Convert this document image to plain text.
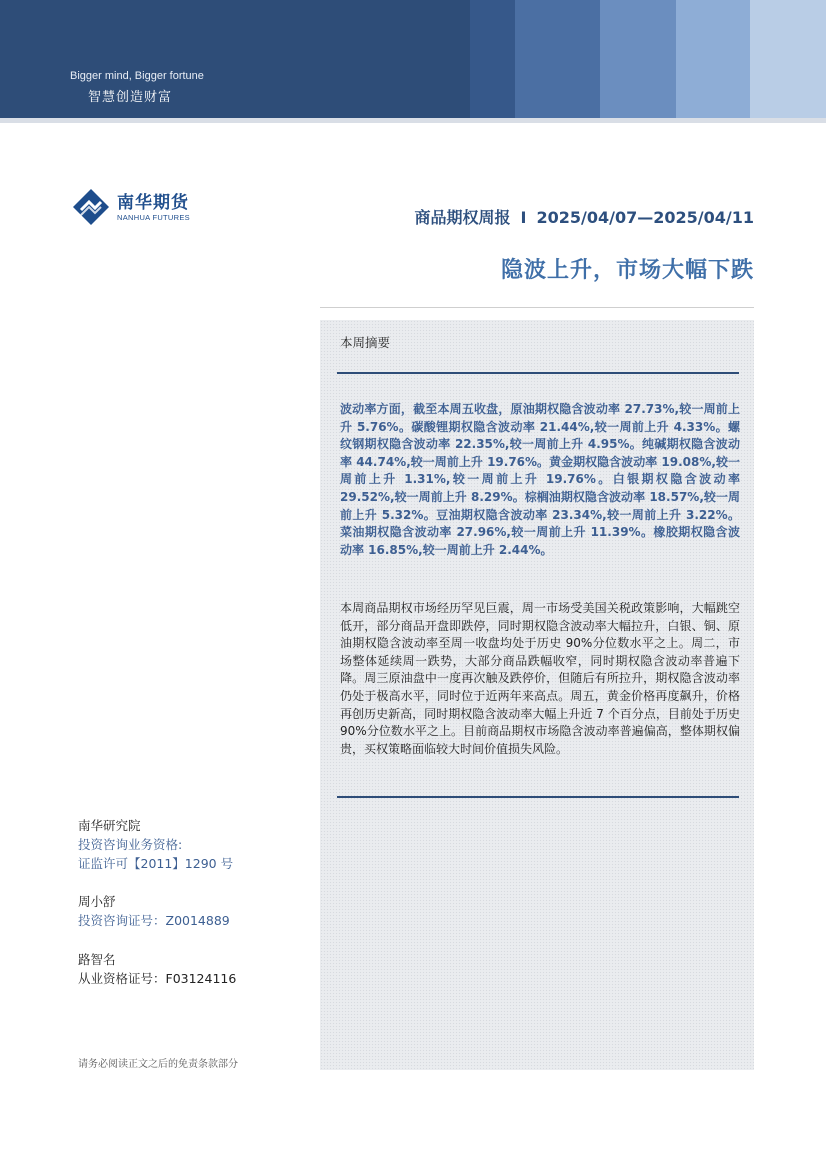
Bigger mind, Bigger fortune
智慧创造财富
南华期货
NANHUA FUTURES	商品期权周报 I 2025/04/07—2025/04/11
隐波上升，市场大幅下跌
本周摘要
波动率方面，截至本周五收盘，原油期权隐含波动率 27.73%,较一周前上升 5.76%。碳酸锂期权隐含波动率 21.44%,较一周前上升 4.33%。螺纹钢期权隐含波动率 22.35%,较一周前上升 4.95%。纯碱期权隐含波动率 44.74%,较一周前上升 19.76%。黄金期权隐含波动率 19.08%,较一周前上升 1.31%,较一周前上升 19.76%。白银期权隐含波动率 29.52%,较一周前上升 8.29%。棕榈油期权隐含波动率 18.57%,较一周前上升 5.32%。豆油期权隐含波动率 23.34%,较一周前上升 3.22%。菜油期权隐含波动率 27.96%,较一周前上升 11.39%。橡胶期权隐含波动率 16.85%,较一周前上升 2.44%。
本周商品期权市场经历罕见巨震，周一市场受美国关税政策影响，大幅跳空低开，部分商品开盘即跌停，同时期权隐含波动率大幅拉升，白银、铜、原油期权隐含波动率至周一收盘均处于历史 90%分位数水平之上。周二，市场整体延续周一跌势，大部分商品跌幅收窄，同时期权隐含波动率普遍下降。周三原油盘中一度再次触及跌停价，但随后有所拉升，期权隐含波动率仍处于极高水平，同时位于近两年来高点。周五，黄金价格再度飙升，价格再创历史新高，同时期权隐含波动率大幅上升近 7 个百分点，目前处于历史 90%分位数水平之上。目前商品期权市场隐含波动率普遍偏高，整体期权偏贵，买权策略面临较大时间价值损失风险。
南华研究院
投资咨询业务资格:
证监许可【2011】1290 号
周小舒
投资咨询证号：Z0014889
路智名
从业资格证号：F03124116
请务必阅读正文之后的免责条款部分
